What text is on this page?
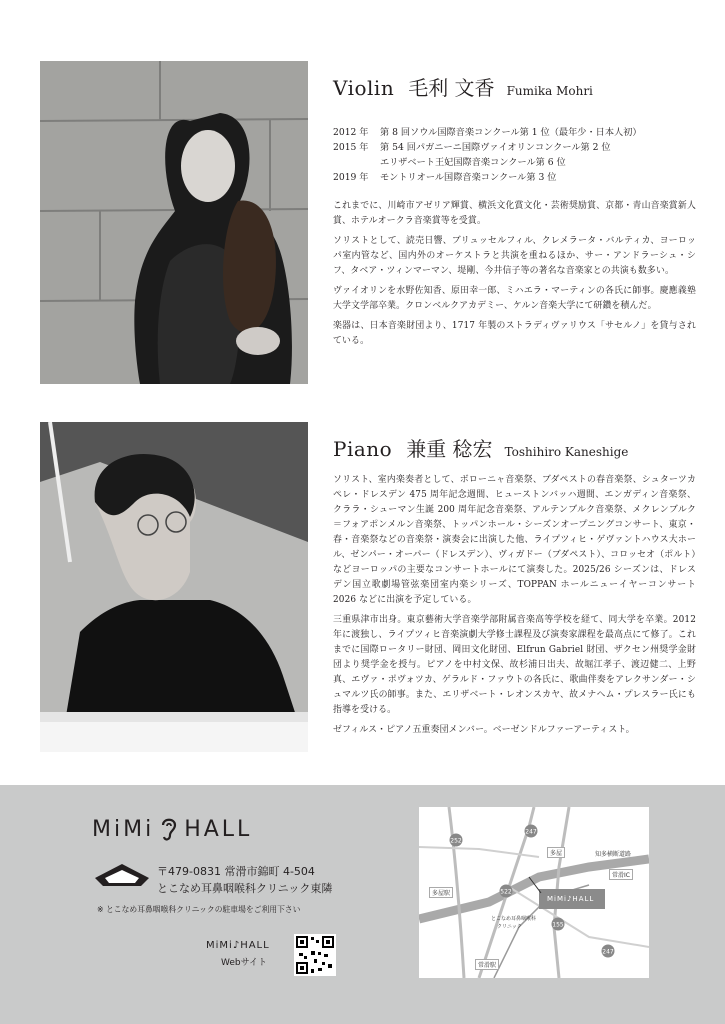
Violin 毛利 文香 Fumika Mohri
2012 年	第 8 回ソウル国際音楽コンクール第 1 位（最年少・日本人初）
2015 年	第 54 回パガニーニ国際ヴァイオリンコンクール第 2 位
エリザベート王妃国際音楽コンクール第 6 位
2019 年	モントリオール国際音楽コンクール第 3 位

これまでに、川崎市アゼリア輝賞、横浜文化賞文化・芸術奨励賞、京都・青山音楽賞新人賞、ホテルオークラ音楽賞等を受賞。

ソリストとして、読売日響、ブリュッセルフィル、クレメラータ・バルティカ、ヨーロッパ室内管など、国内外のオーケストラと共演を重ねるほか、サー・アンドラーシュ・シフ、タベア・ツィンマーマン、堤剛、今井信子等の著名な音楽家との共演も数多い。

ヴァイオリンを水野佐知香、原田幸一郎、ミハエラ・マーティンの各氏に師事。慶應義塾大学文学部卒業。クロンベルクアカデミー、ケルン音楽大学にて研鑽を積んだ。

楽器は、日本音楽財団より、1717 年製のストラディヴァリウス「サセルノ」を貸与されている。

Piano 兼重 稔宏 Toshihiro Kaneshige

ソリスト、室内楽奏者として、ボローニャ音楽祭、ブダペストの春音楽祭、シュターツカペレ・ドレスデン 475 周年記念週間、ヒューストンバッハ週間、エンガディン音楽祭、クララ・シューマン生誕 200 周年記念音楽祭、アルテンブルク音楽祭、メクレンブルク＝フォアポンメルン音楽祭、トッパンホール・シーズンオープニングコンサート、東京・春・音楽祭などの音楽祭・演奏会に出演した他、ライプツィヒ・ゲヴァントハウス大ホール、ゼンパー・オーパー（ドレスデン）、ヴィガドー（ブダペスト）、コロッセオ（ポルト）などヨーロッパの主要なコンサートホールにて演奏した。2025/26 シーズンは、ドレスデン国立歌劇場管弦楽団室内楽シリーズ、TOPPAN ホールニューイヤーコンサート 2026 などに出演を予定している。

三重県津市出身。東京藝術大学音楽学部附属音楽高等学校を経て、同大学を卒業。2012 年に渡独し、ライプツィヒ音楽演劇大学修士課程及び演奏家課程を最高点にて修了。これまでに国際ロータリー財団、岡田文化財団、Elfrun Gabriel 財団、ザクセン州奨学金財団より奨学金を授与。ピアノを中村文保、故杉浦日出夫、故堀江孝子、渡辺健二、上野真、エヴァ・ポヴォツカ、ゲラルド・ファウトの各氏に、歌曲伴奏をアレクサンダー・シュマルツ氏の師事。また、エリザベート・レオンスカヤ、故メナヘム・プレスラー氏にも指導を受ける。

ゼフィルス・ピアノ五重奏団メンバー。ベーゼンドルファーアーティスト。

MiMi HALL
〒479-0831 常滑市錦町 4-504
とこなめ耳鼻咽喉科クリニック東隣
※ とこなめ耳鼻咽喉科クリニックの駐車場をご利用下さい
MiMi♪HALL
Webサイト
252
247
522
155
247
多屋
多屋駅
知多横断道路
常滑IC
MiMi♪HALL
とこなめ耳鼻咽喉科
クリニック
常滑駅
